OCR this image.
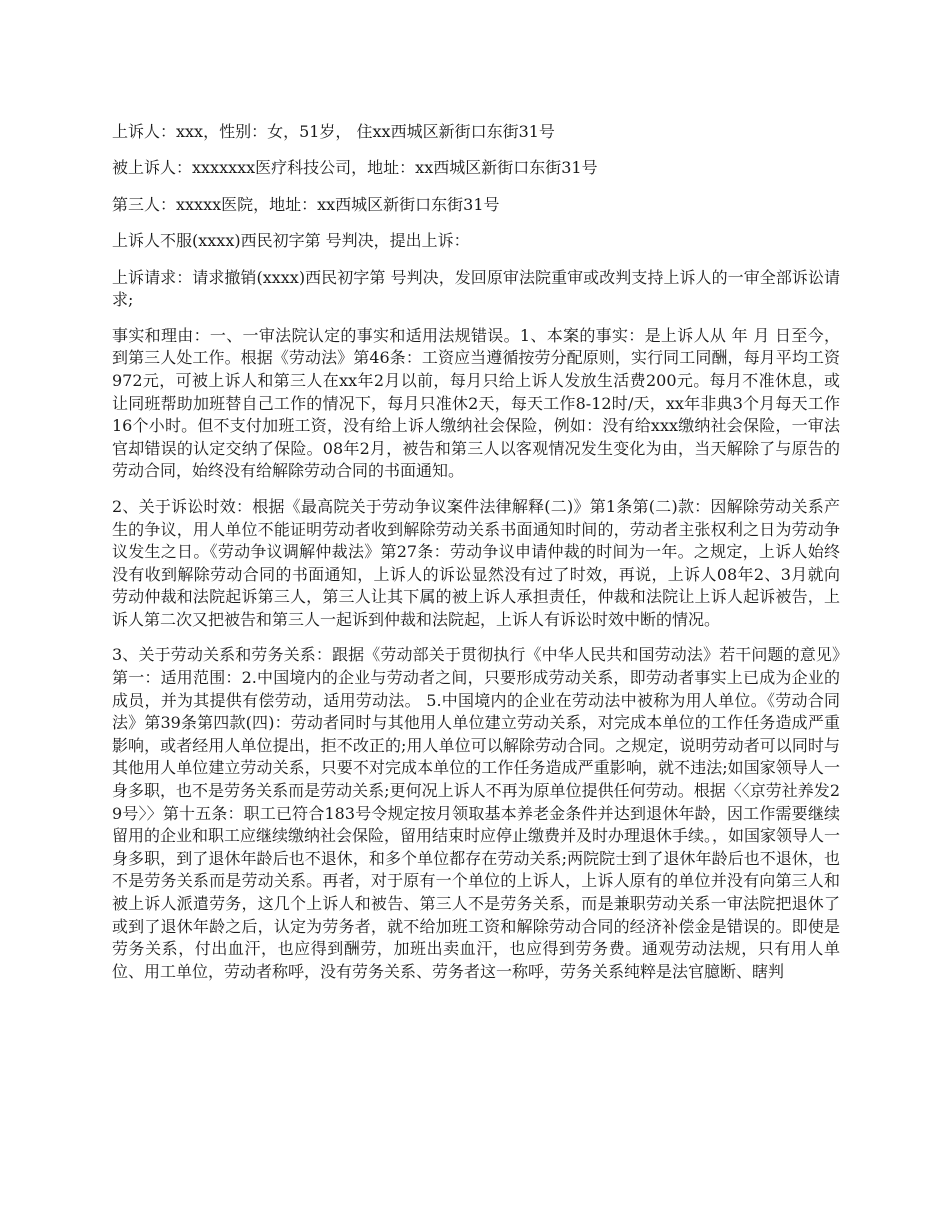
上诉人：xxx，性别：女，51岁， 住xx西城区新街口东街31号

被上诉人：xxxxxxx医疗科技公司，地址：xx西城区新街口东街31号

第三人：xxxxx医院，地址：xx西城区新街口东街31号

上诉人不服(xxxx)西民初字第 号判决，提出上诉：

上诉请求：请求撤销(xxxx)西民初字第 号判决，发回原审法院重审或改判支持上诉人的一审全部诉讼请求;

事实和理由：一、一审法院认定的事实和适用法规错误。1、本案的事实：是上诉人从 年 月 日至今，到第三人处工作。根据《劳动法》第46条：工资应当遵循按劳分配原则，实行同工同酬，每月平均工资972元，可被上诉人和第三人在xx年2月以前，每月只给上诉人发放生活费200元。每月不准休息，或让同班帮助加班替自己工作的情况下，每月只准休2天，每天工作8-12时/天，xx年非典3个月每天工作16个小时。但不支付加班工资，没有给上诉人缴纳社会保险，例如：没有给xxx缴纳社会保险，一审法官却错误的认定交纳了保险。08年2月，被告和第三人以客观情况发生变化为由，当天解除了与原告的劳动合同，始终没有给解除劳动合同的书面通知。

2、关于诉讼时效：根据《最高院关于劳动争议案件法律解释(二)》第1条第(二)款：因解除劳动关系产生的争议，用人单位不能证明劳动者收到解除劳动关系书面通知时间的，劳动者主张权利之日为劳动争议发生之日。《劳动争议调解仲裁法》第27条：劳动争议申请仲裁的时间为一年。之规定，上诉人始终没有收到解除劳动合同的书面通知，上诉人的诉讼显然没有过了时效，再说，上诉人08年2、3月就向劳动仲裁和法院起诉第三人，第三人让其下属的被上诉人承担责任，仲裁和法院让上诉人起诉被告，上诉人第二次又把被告和第三人一起诉到仲裁和法院起，上诉人有诉讼时效中断的情况。

3、关于劳动关系和劳务关系：跟据《劳动部关于贯彻执行《中华人民共和国劳动法》若干问题的意见》第一：适用范围：2.中国境内的企业与劳动者之间，只要形成劳动关系，即劳动者事实上已成为企业的成员，并为其提供有偿劳动，适用劳动法。 5.中国境内的企业在劳动法中被称为用人单位。《劳动合同法》第39条第四款(四)：劳动者同时与其他用人单位建立劳动关系，对完成本单位的工作任务造成严重影响，或者经用人单位提出，拒不改正的;用人单位可以解除劳动合同。之规定，说明劳动者可以同时与其他用人单位建立劳动关系，只要不对完成本单位的工作任务造成严重影响，就不违法;如国家领导人一身多职，也不是劳务关系而是劳动关系;更何况上诉人不再为原单位提供任何劳动。根据〈〈京劳社养发29号〉〉第十五条：职工已符合183号令规定按月领取基本养老金条件并达到退休年龄，因工作需要继续留用的企业和职工应继续缴纳社会保险，留用结束时应停止缴费并及时办理退休手续。，如国家领导人一身多职，到了退休年龄后也不退休，和多个单位都存在劳动关系;两院院士到了退休年龄后也不退休，也不是劳务关系而是劳动关系。再者，对于原有一个单位的上诉人，上诉人原有的单位并没有向第三人和被上诉人派遣劳务，这几个上诉人和被告、第三人不是劳务关系，而是兼职劳动关系一审法院把退休了或到了退休年龄之后，认定为劳务者，就不给加班工资和解除劳动合同的经济补偿金是错误的。即使是劳务关系，付出血汗，也应得到酬劳，加班出卖血汗，也应得到劳务费。通观劳动法规，只有用人单位、用工单位，劳动者称呼，没有劳务关系、劳务者这一称呼，劳务关系纯粹是法官臆断、瞎判
